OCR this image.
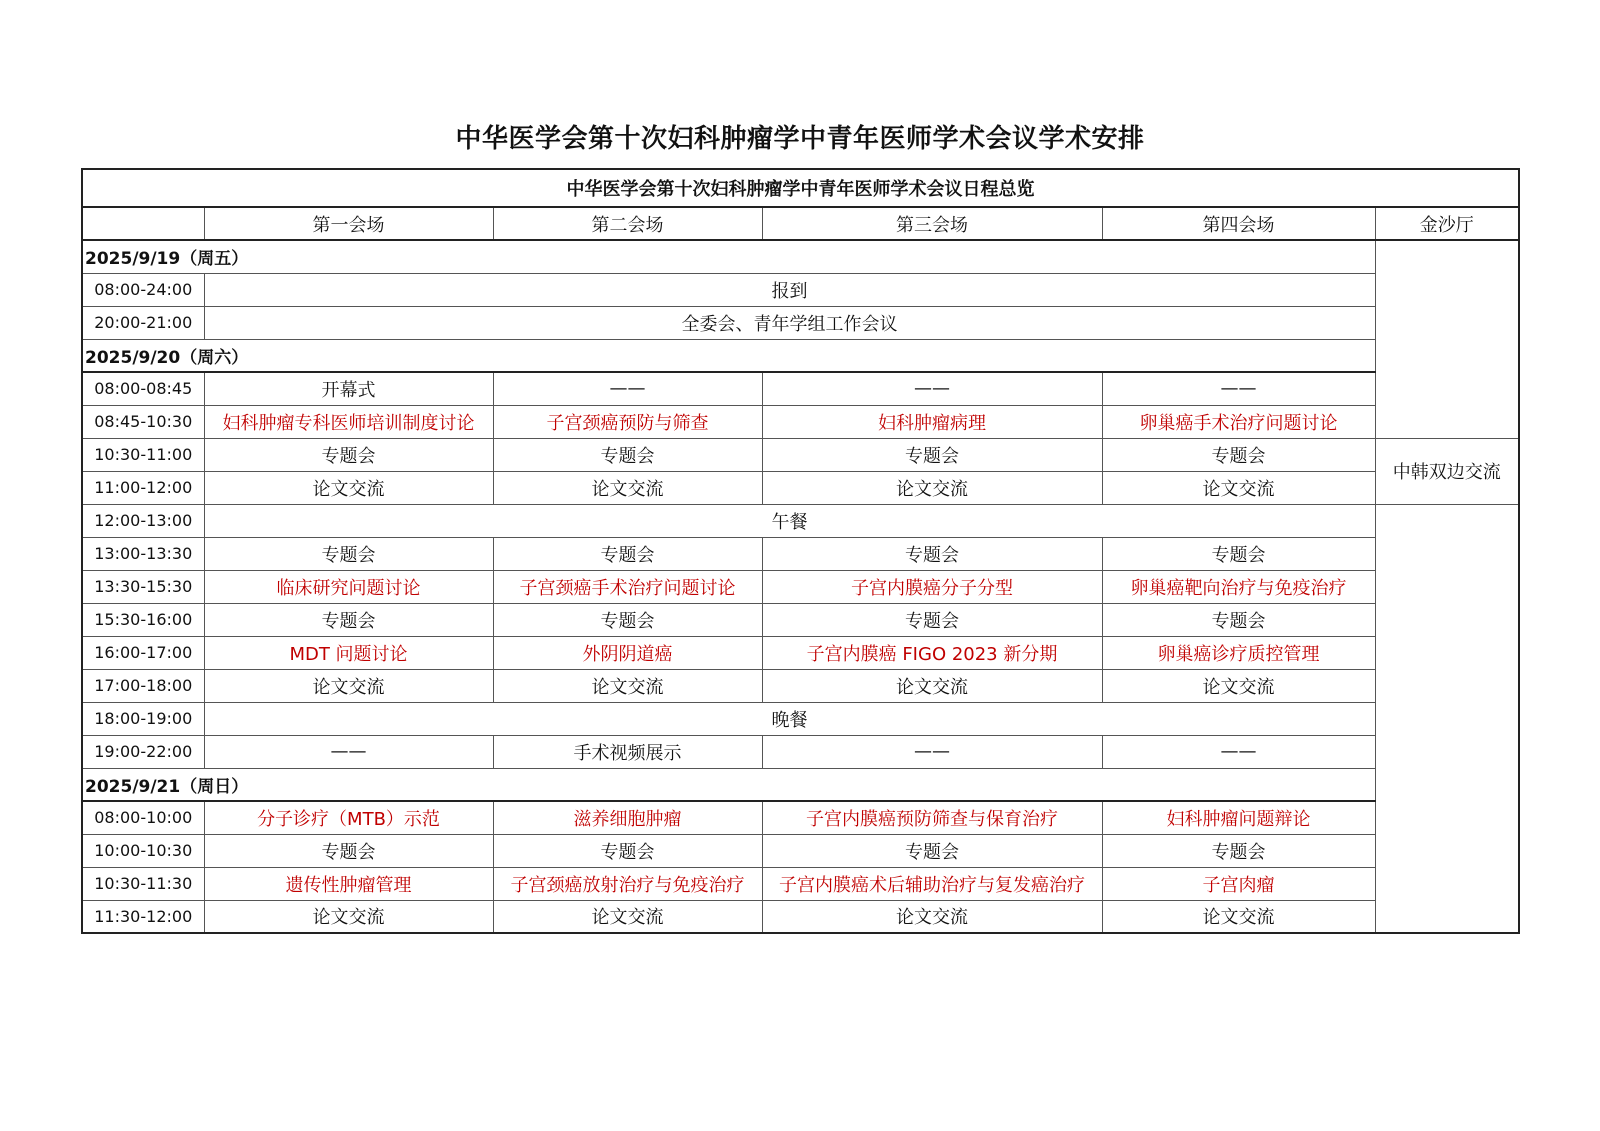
中华医学会第十次妇科肿瘤学中青年医师学术会议学术安排
中华医学会第十次妇科肿瘤学中青年医师学术会议日程总览					
	第一会场	第二会场	第三会场	第四会场	金沙厅
2025/9/19（周五）					
08:00-24:00	报到				
20:00-21:00	全委会、青年学组工作会议				
2025/9/20（周六）					
08:00-08:45	开幕式	——	——	——	
08:45-10:30	妇科肿瘤专科医师培训制度讨论	子宫颈癌预防与筛查	妇科肿瘤病理	卵巢癌手术治疗问题讨论	
10:30-11:00	专题会	专题会	专题会	专题会	中韩双边交流
11:00-12:00	论文交流	论文交流	论文交流	论文交流	
12:00-13:00	午餐				
13:00-13:30	专题会	专题会	专题会	专题会	
13:30-15:30	临床研究问题讨论	子宫颈癌手术治疗问题讨论	子宫内膜癌分子分型	卵巢癌靶向治疗与免疫治疗	
15:30-16:00	专题会	专题会	专题会	专题会	
16:00-17:00	MDT 问题讨论	外阴阴道癌	子宫内膜癌 FIGO 2023 新分期	卵巢癌诊疗质控管理	
17:00-18:00	论文交流	论文交流	论文交流	论文交流	
18:00-19:00	晚餐				
19:00-22:00	——	手术视频展示	——	——	
2025/9/21（周日）					
08:00-10:00	分子诊疗（MTB）示范	滋养细胞肿瘤	子宫内膜癌预防筛查与保育治疗	妇科肿瘤问题辩论	
10:00-10:30	专题会	专题会	专题会	专题会	
10:30-11:30	遗传性肿瘤管理	子宫颈癌放射治疗与免疫治疗	子宫内膜癌术后辅助治疗与复发癌治疗	子宫肉瘤	
11:30-12:00	论文交流	论文交流	论文交流	论文交流	
